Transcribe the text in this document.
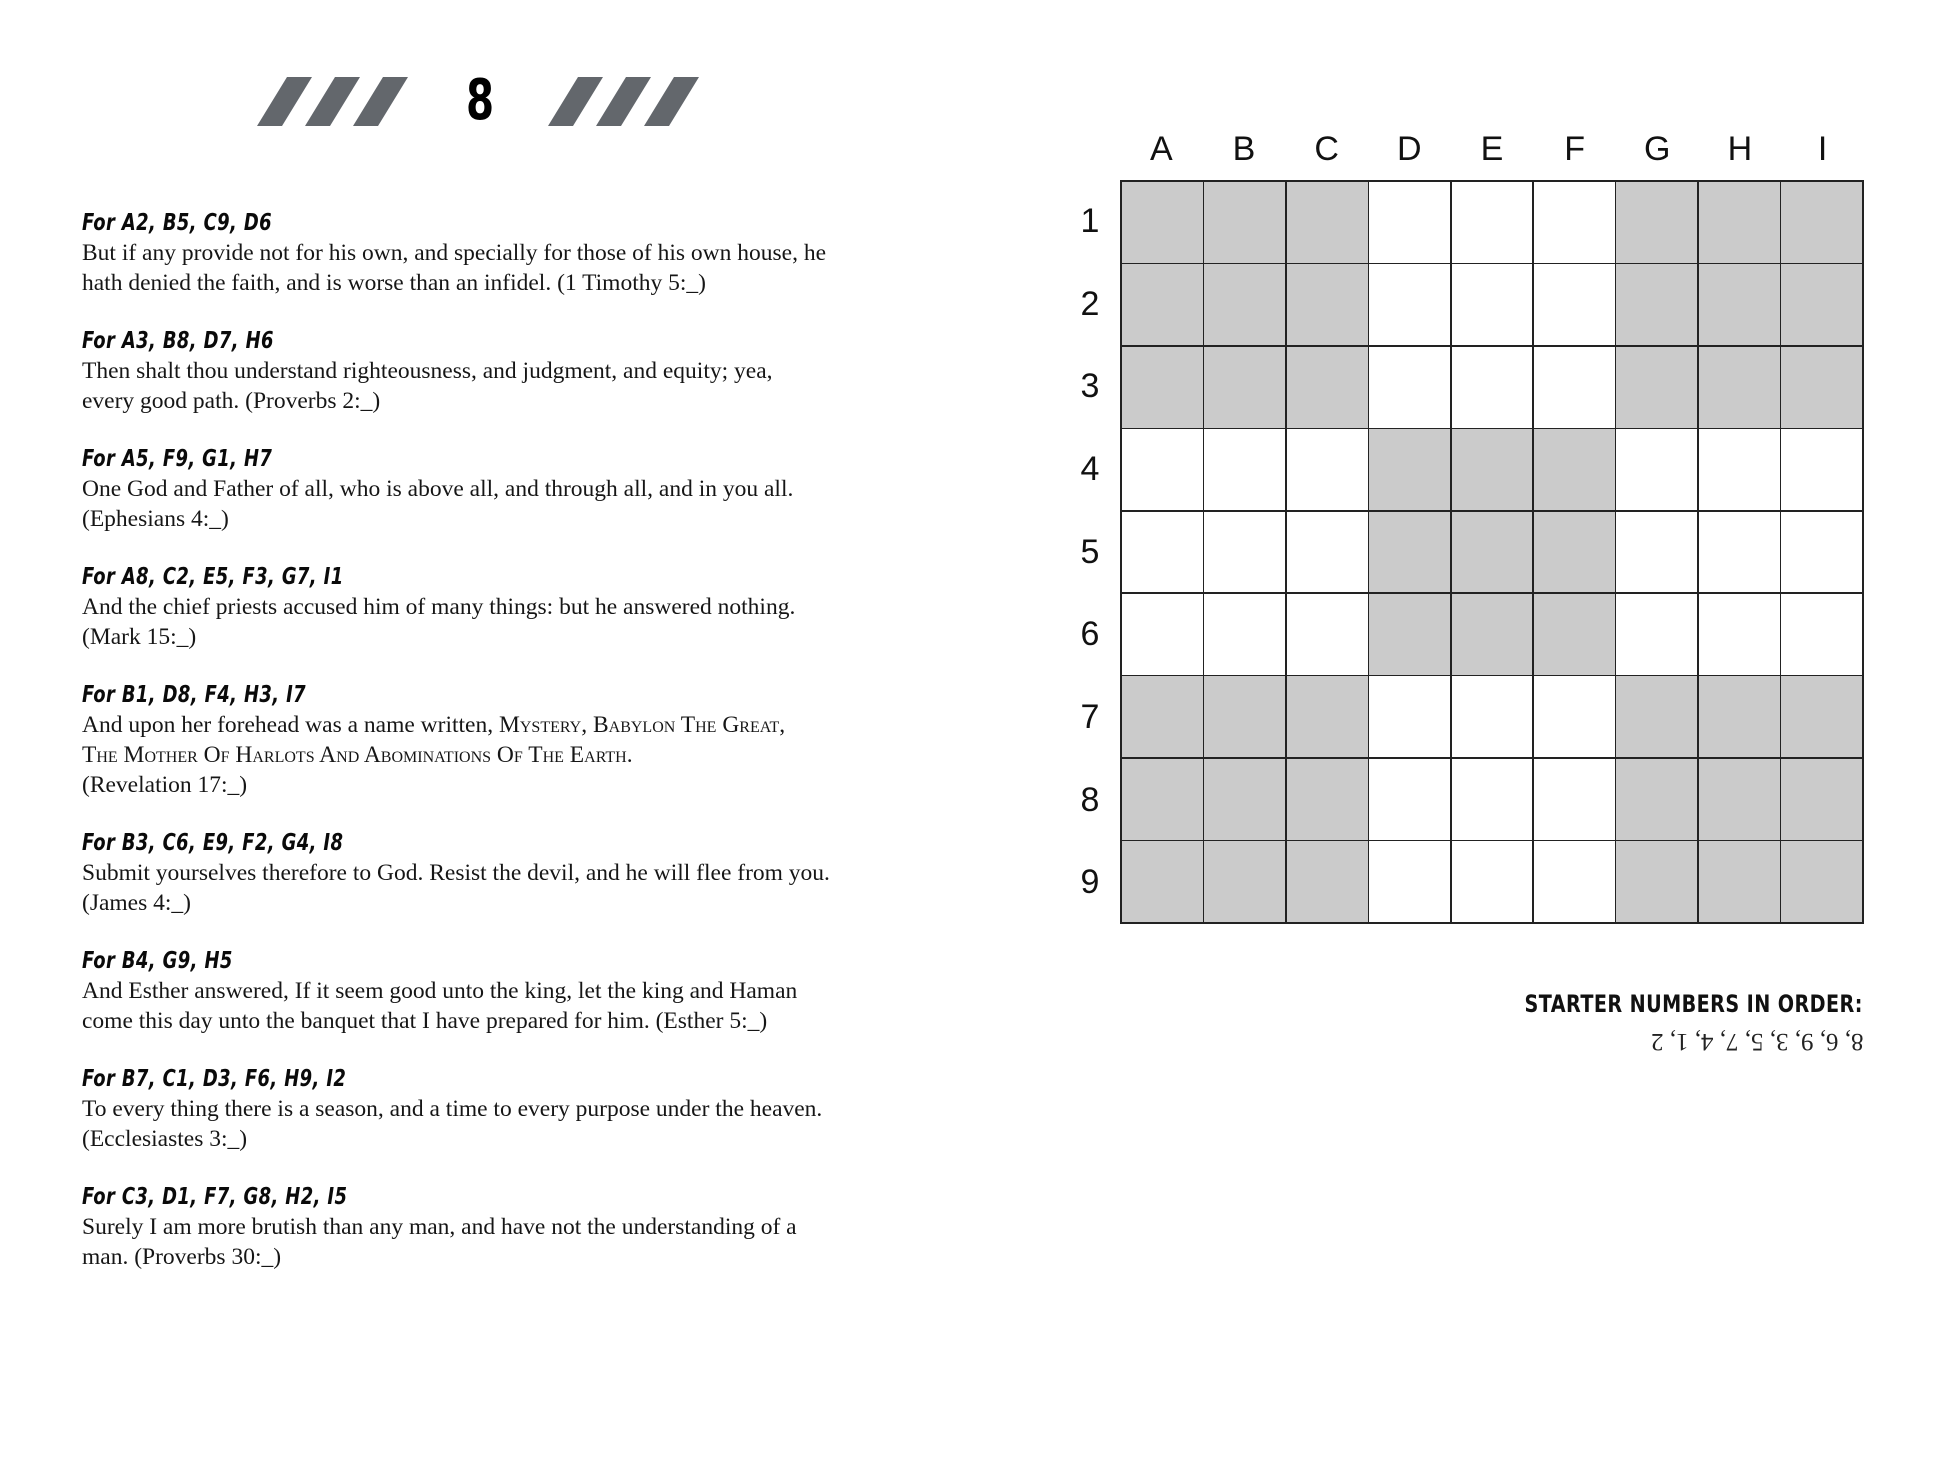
8
For A2, B5, C9, D6
But if any provide not for his own, and specially for those of his own house, he
hath denied the faith, and is worse than an infidel. (1 Timothy 5:_)
For A3, B8, D7, H6
Then shalt thou understand righteousness, and judgment, and equity; yea,
every good path. (Proverbs 2:_)
For A5, F9, G1, H7
One God and Father of all, who is above all, and through all, and in you all.
(Ephesians 4:_)
For A8, C2, E5, F3, G7, I1
And the chief priests accused him of many things: but he answered nothing.
(Mark 15:_)
For B1, D8, F4, H3, I7
And upon her forehead was a name written, Mystery, Babylon The Great,
The Mother Of Harlots And Abominations Of The Earth.
(Revelation 17:_)
For B3, C6, E9, F2, G4, I8
Submit yourselves therefore to God. Resist the devil, and he will flee from you.
(James 4:_)
For B4, G9, H5
And Esther answered, If it seem good unto the king, let the king and Haman
come this day unto the banquet that I have prepared for him. (Esther 5:_)
For B7, C1, D3, F6, H9, I2
To every thing there is a season, and a time to every purpose under the heaven.
(Ecclesiastes 3:_)
For C3, D1, F7, G8, H2, I5
Surely I am more brutish than any man, and have not the understanding of a
man. (Proverbs 30:_)
A	B	C	D	E	F	G	H	I
1
2
3
4
5
6
7
8
9
STARTER NUMBERS IN ORDER:
8, 6, 9, 3, 5, 7, 4, 1, 2
